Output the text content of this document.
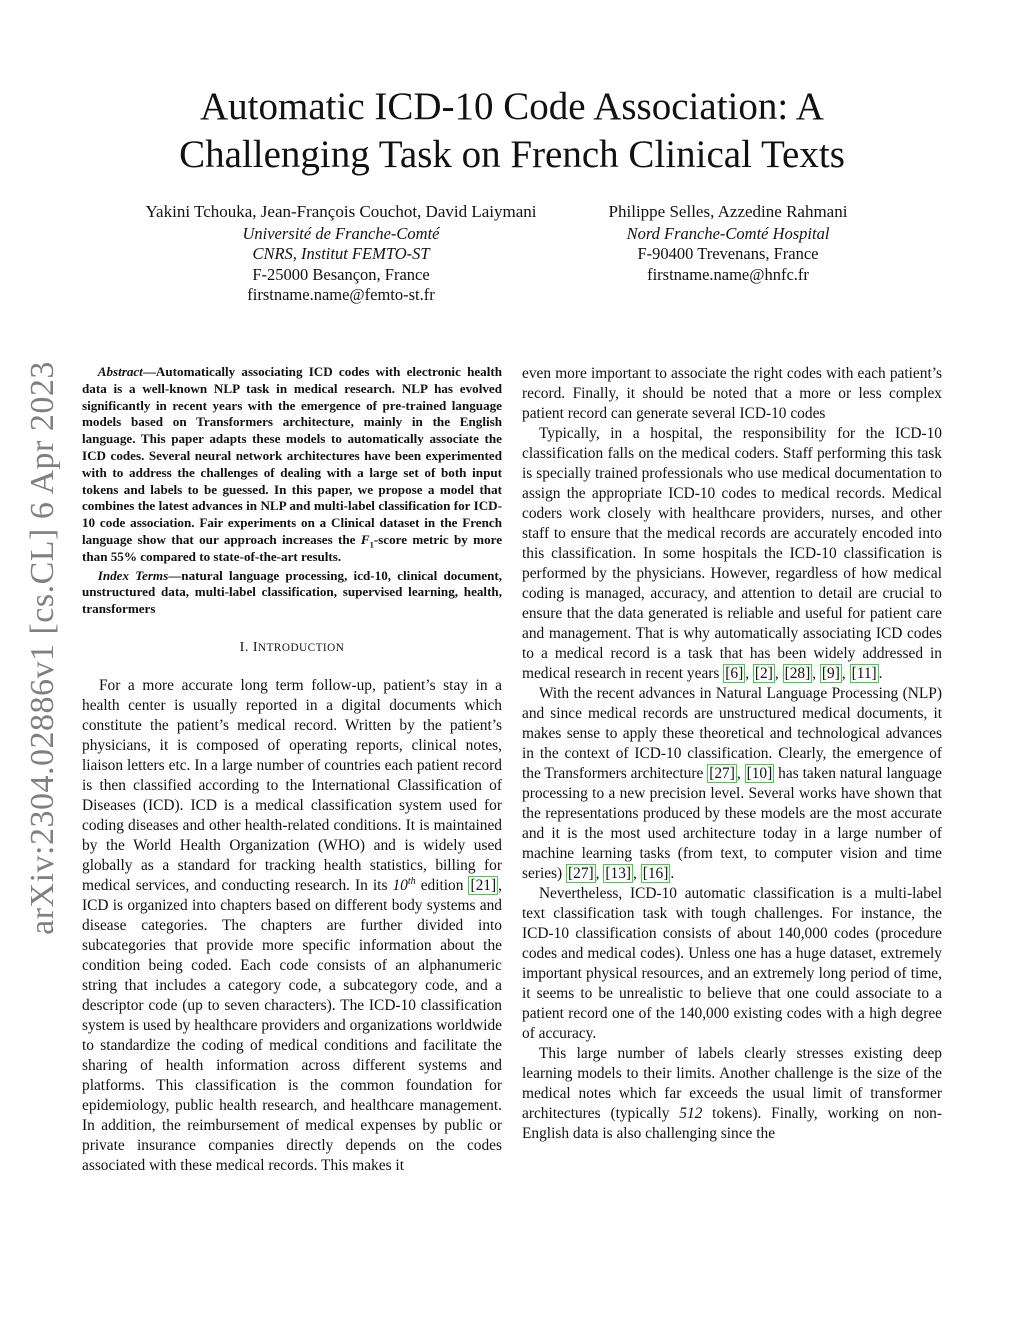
arXiv:2304.02886v1 [cs.CL] 6 Apr 2023
Automatic ICD-10 Code Association: A
Challenging Task on French Clinical Texts
Yakini Tchouka, Jean-François Couchot, David Laiymani
Université de Franche-Comté
CNRS, Institut FEMTO-ST
F-25000 Besançon, France
firstname.name@femto-st.fr
Philippe Selles, Azzedine Rahmani
Nord Franche-Comté Hospital
F-90400 Trevenans, France
firstname.name@hnfc.fr

Abstract—Automatically associating ICD codes with electronic health data is a well-known NLP task in medical research. NLP has evolved significantly in recent years with the emergence of pre-trained language models based on Transformers architecture, mainly in the English language. This paper adapts these models to automatically associate the ICD codes. Several neural network architectures have been experimented with to address the challenges of dealing with a large set of both input tokens and labels to be guessed. In this paper, we propose a model that combines the latest advances in NLP and multi-label classification for ICD-10 code association. Fair experiments on a Clinical dataset in the French language show that our approach increases the $F_1$-score metric by more than 55% compared to state-of-the-art results.

Index Terms—natural language processing, icd-10, clinical document, unstructured data, multi-label classification, supervised learning, health, transformers

I. INTRODUCTION

For a more accurate long term follow-up, patient’s stay in a health center is usually reported in a digital documents which constitute the patient’s medical record. Written by the patient’s physicians, it is composed of operating reports, clinical notes, liaison letters etc. In a large number of countries each patient record is then classified according to the International Classification of Diseases (ICD). ICD is a medical classification system used for coding diseases and other health-related conditions. It is maintained by the World Health Organization (WHO) and is widely used globally as a standard for tracking health statistics, billing for medical services, and conducting research. In its 10th edition [21] , ICD is organized into chapters based on different body systems and disease categories. The chapters are further divided into subcategories that provide more specific information about the condition being coded. Each code consists of an alphanumeric string that includes a category code, a subcategory code, and a descriptor code (up to seven characters). The ICD-10 classification system is used by healthcare providers and organizations worldwide to standardize the coding of medical conditions and facilitate the sharing of health information across different systems and platforms. This classification is the common foundation for epidemiology, public health research, and healthcare management. In addition, the reimbursement of medical expenses by public or private insurance companies directly depends on the codes associated with these medical records. This makes it

even more important to associate the right codes with each patient’s record. Finally, it should be noted that a more or less complex patient record can generate several ICD-10 codes

Typically, in a hospital, the responsibility for the ICD-10 classification falls on the medical coders. Staff performing this task is specially trained professionals who use medical documentation to assign the appropriate ICD-10 codes to medical records. Medical coders work closely with healthcare providers, nurses, and other staff to ensure that the medical records are accurately encoded into this classification. In some hospitals the ICD-10 classification is performed by the physicians. However, regardless of how medical coding is managed, accuracy, and attention to detail are crucial to ensure that the data generated is reliable and useful for patient care and management. That is why automatically associating ICD codes to a medical record is a task that has been widely addressed in medical research in recent years [6] , [2] , [28] , [9] , [11] .

With the recent advances in Natural Language Processing (NLP) and since medical records are unstructured medical documents, it makes sense to apply these theoretical and technological advances in the context of ICD-10 classification. Clearly, the emergence of the Transformers architecture [27] , [10] has taken natural language processing to a new precision level. Several works have shown that the representations produced by these models are the most accurate and it is the most used architecture today in a large number of machine learning tasks (from text, to computer vision and time series) [27] , [13] , [16] .

Nevertheless, ICD-10 automatic classification is a multi-label text classification task with tough challenges. For instance, the ICD-10 classification consists of about 140,000 codes (procedure codes and medical codes). Unless one has a huge dataset, extremely important physical resources, and an extremely long period of time, it seems to be unrealistic to believe that one could associate to a patient record one of the 140,000 existing codes with a high degree of accuracy.

This large number of labels clearly stresses existing deep learning models to their limits. Another challenge is the size of the medical notes which far exceeds the usual limit of transformer architectures (typically 512 tokens). Finally, working on non-English data is also challenging since the
